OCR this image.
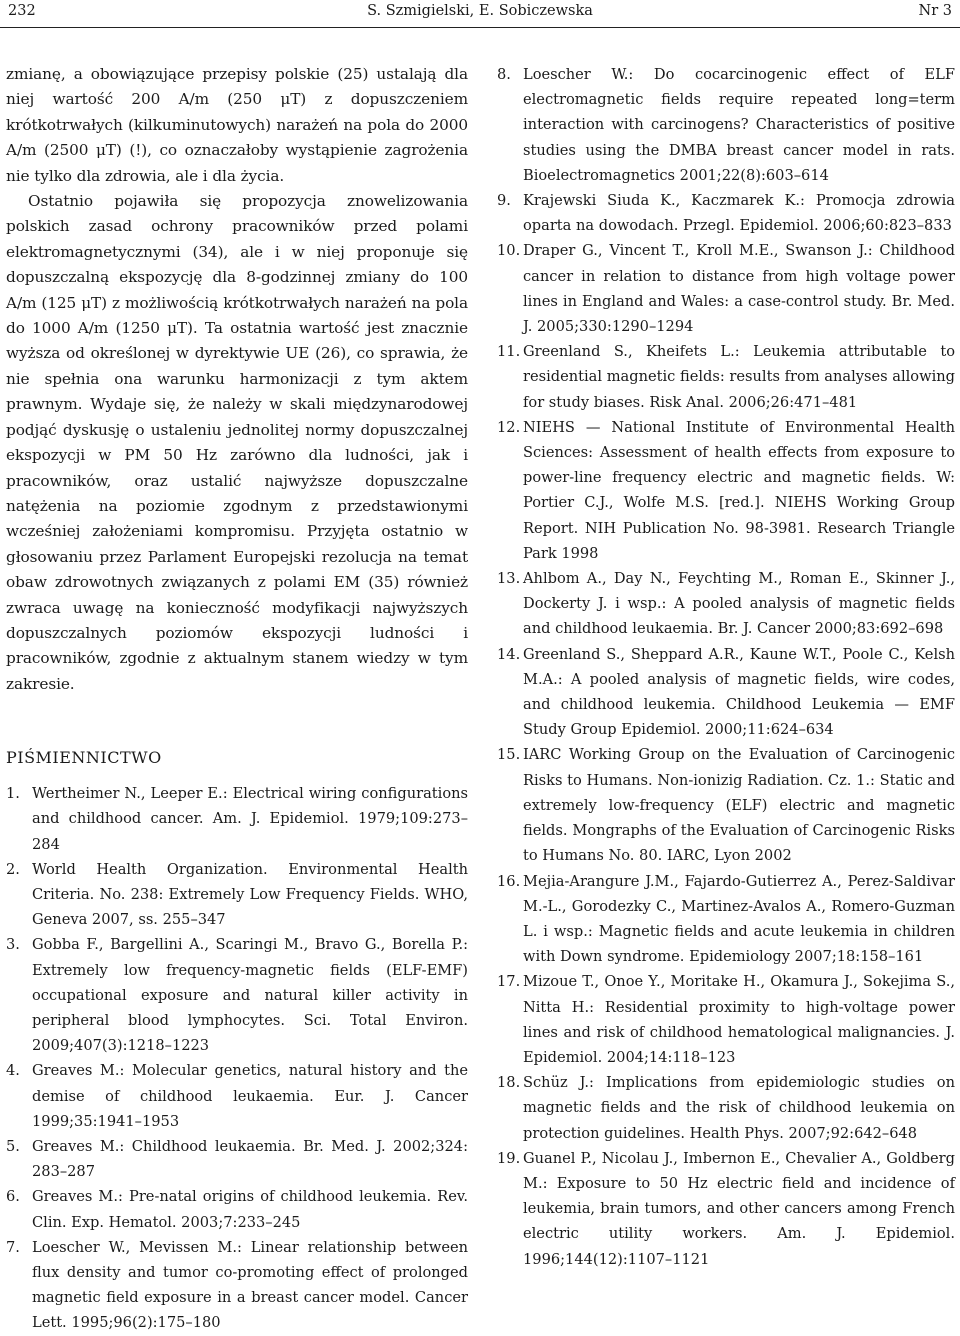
232	S. Szmigielski, E. Sobiczewska	Nr 3

zmianę, a obowiązujące przepisy polskie (25) ustalają dla niej wartość 200 A/m (250 μT) z dopuszczeniem krótkotrwałych (kilkuminutowych) narażeń na pola do 2000 A/m (2500 μT) (!), co oznaczałoby wystąpienie zagrożenia nie tylko dla zdrowia, ale i dla życia.

Ostatnio pojawiła się propozycja znowelizowania polskich zasad ochrony pracowników przed polami elektromagnetycznymi (34), ale i w niej proponuje się dopuszczalną ekspozycję dla 8-godzinnej zmiany do 100 A/m (125 μT) z możliwością krótkotrwałych narażeń na pola do 1000 A/m (1250 μT). Ta ostatnia wartość jest znacznie wyższa od określonej w dyrektywie UE (26), co sprawia, że nie spełnia ona warunku harmonizacji z tym aktem prawnym. Wydaje się, że należy w skali międzynarodowej podjąć dyskusję o ustaleniu jednolitej normy dopuszczalnej ekspozycji w PM 50 Hz zarówno dla ludności, jak i pracowników, oraz ustalić najwyższe dopuszczalne natężenia na poziomie zgodnym z przedstawionymi wcześniej założeniami kompromisu. Przyjęta ostatnio w głosowaniu przez Parlament Europejski rezolucja na temat obaw zdrowotnych związanych z polami EM (35) również zwraca uwagę na konieczność modyfikacji najwyższych dopuszczalnych poziomów ekspozycji ludności i pracowników, zgodnie z aktualnym stanem wiedzy w tym zakresie.

PIŚMIENNICTWO
1. Wertheimer N., Leeper E.: Electrical wiring configurations and childhood cancer. Am. J. Epidemiol. 1979;109:273–284
2. World Health Organization. Environmental Health Criteria. No. 238: Extremely Low Frequency Fields. WHO, Geneva 2007, ss. 255–347
3. Gobba F., Bargellini A., Scaringi M., Bravo G., Borella P.: Extremely low frequency-magnetic fields (ELF-EMF) occupational exposure and natural killer activity in peripheral blood lymphocytes. Sci. Total Environ. 2009;407(3):1218–1223
4. Greaves M.: Molecular genetics, natural history and the demise of childhood leukaemia. Eur. J. Cancer 1999;35:1941–1953
5. Greaves M.: Childhood leukaemia. Br. Med. J. 2002;324: 283–287
6. Greaves M.: Pre-natal origins of childhood leukemia. Rev. Clin. Exp. Hematol. 2003;7:233–245
7. Loescher W., Mevissen M.: Linear relationship between flux density and tumor co-promoting effect of prolonged magnetic field exposure in a breast cancer model. Cancer Lett. 1995;96(2):175–180
8. Loescher W.: Do cocarcinogenic effect of ELF electromagnetic fields require repeated long=term interaction with carcinogens? Characteristics of positive studies using the DMBA breast cancer model in rats. Bioelectromagnetics 2001;22(8):603–614
9. Krajewski Siuda K., Kaczmarek K.: Promocja zdrowia oparta na dowodach. Przegl. Epidemiol. 2006;60:823–833
10. Draper G., Vincent T., Kroll M.E., Swanson J.: Childhood cancer in relation to distance from high voltage power lines in England and Wales: a case-control study. Br. Med. J. 2005;330:1290–1294
11. Greenland S., Kheifets L.: Leukemia attributable to residential magnetic fields: results from analyses allowing for study biases. Risk Anal. 2006;26:471–481
12. NIEHS — National Institute of Environmental Health Sciences: Assessment of health effects from exposure to power-line frequency electric and magnetic fields. W: Portier C.J., Wolfe M.S. [red.]. NIEHS Working Group Report. NIH Publication No. 98-3981. Research Triangle Park 1998
13. Ahlbom A., Day N., Feychting M., Roman E., Skinner J., Dockerty J. i wsp.: A pooled analysis of magnetic fields and childhood leukaemia. Br. J. Cancer 2000;83:692–698
14. Greenland S., Sheppard A.R., Kaune W.T., Poole C., Kelsh M.A.: A pooled analysis of magnetic fields, wire codes, and childhood leukemia. Childhood Leukemia — EMF Study Group Epidemiol. 2000;11:624–634
15. IARC Working Group on the Evaluation of Carcinogenic Risks to Humans. Non-ionizig Radiation. Cz. 1.: Static and extremely low-frequency (ELF) electric and magnetic fields. Mongraphs of the Evaluation of Carcinogenic Risks to Humans No. 80. IARC, Lyon 2002
16. Mejia-Arangure J.M., Fajardo-Gutierrez A., Perez-Saldivar M.-L., Gorodezky C., Martinez-Avalos A., Romero-Guzman L. i wsp.: Magnetic fields and acute leukemia in children with Down syndrome. Epidemiology 2007;18:158–161
17. Mizoue T., Onoe Y., Moritake H., Okamura J., Sokejima S., Nitta H.: Residential proximity to high-voltage power lines and risk of childhood hematological malignancies. J. Epidemiol. 2004;14:118–123
18. Schüz J.: Implications from epidemiologic studies on magnetic fields and the risk of childhood leukemia on protection guidelines. Health Phys. 2007;92:642–648
19. Guanel P., Nicolau J., Imbernon E., Chevalier A., Goldberg M.: Exposure to 50 Hz electric field and incidence of leukemia, brain tumors, and other cancers among French electric utility workers. Am. J. Epidemiol. 1996;144(12):1107–1121
